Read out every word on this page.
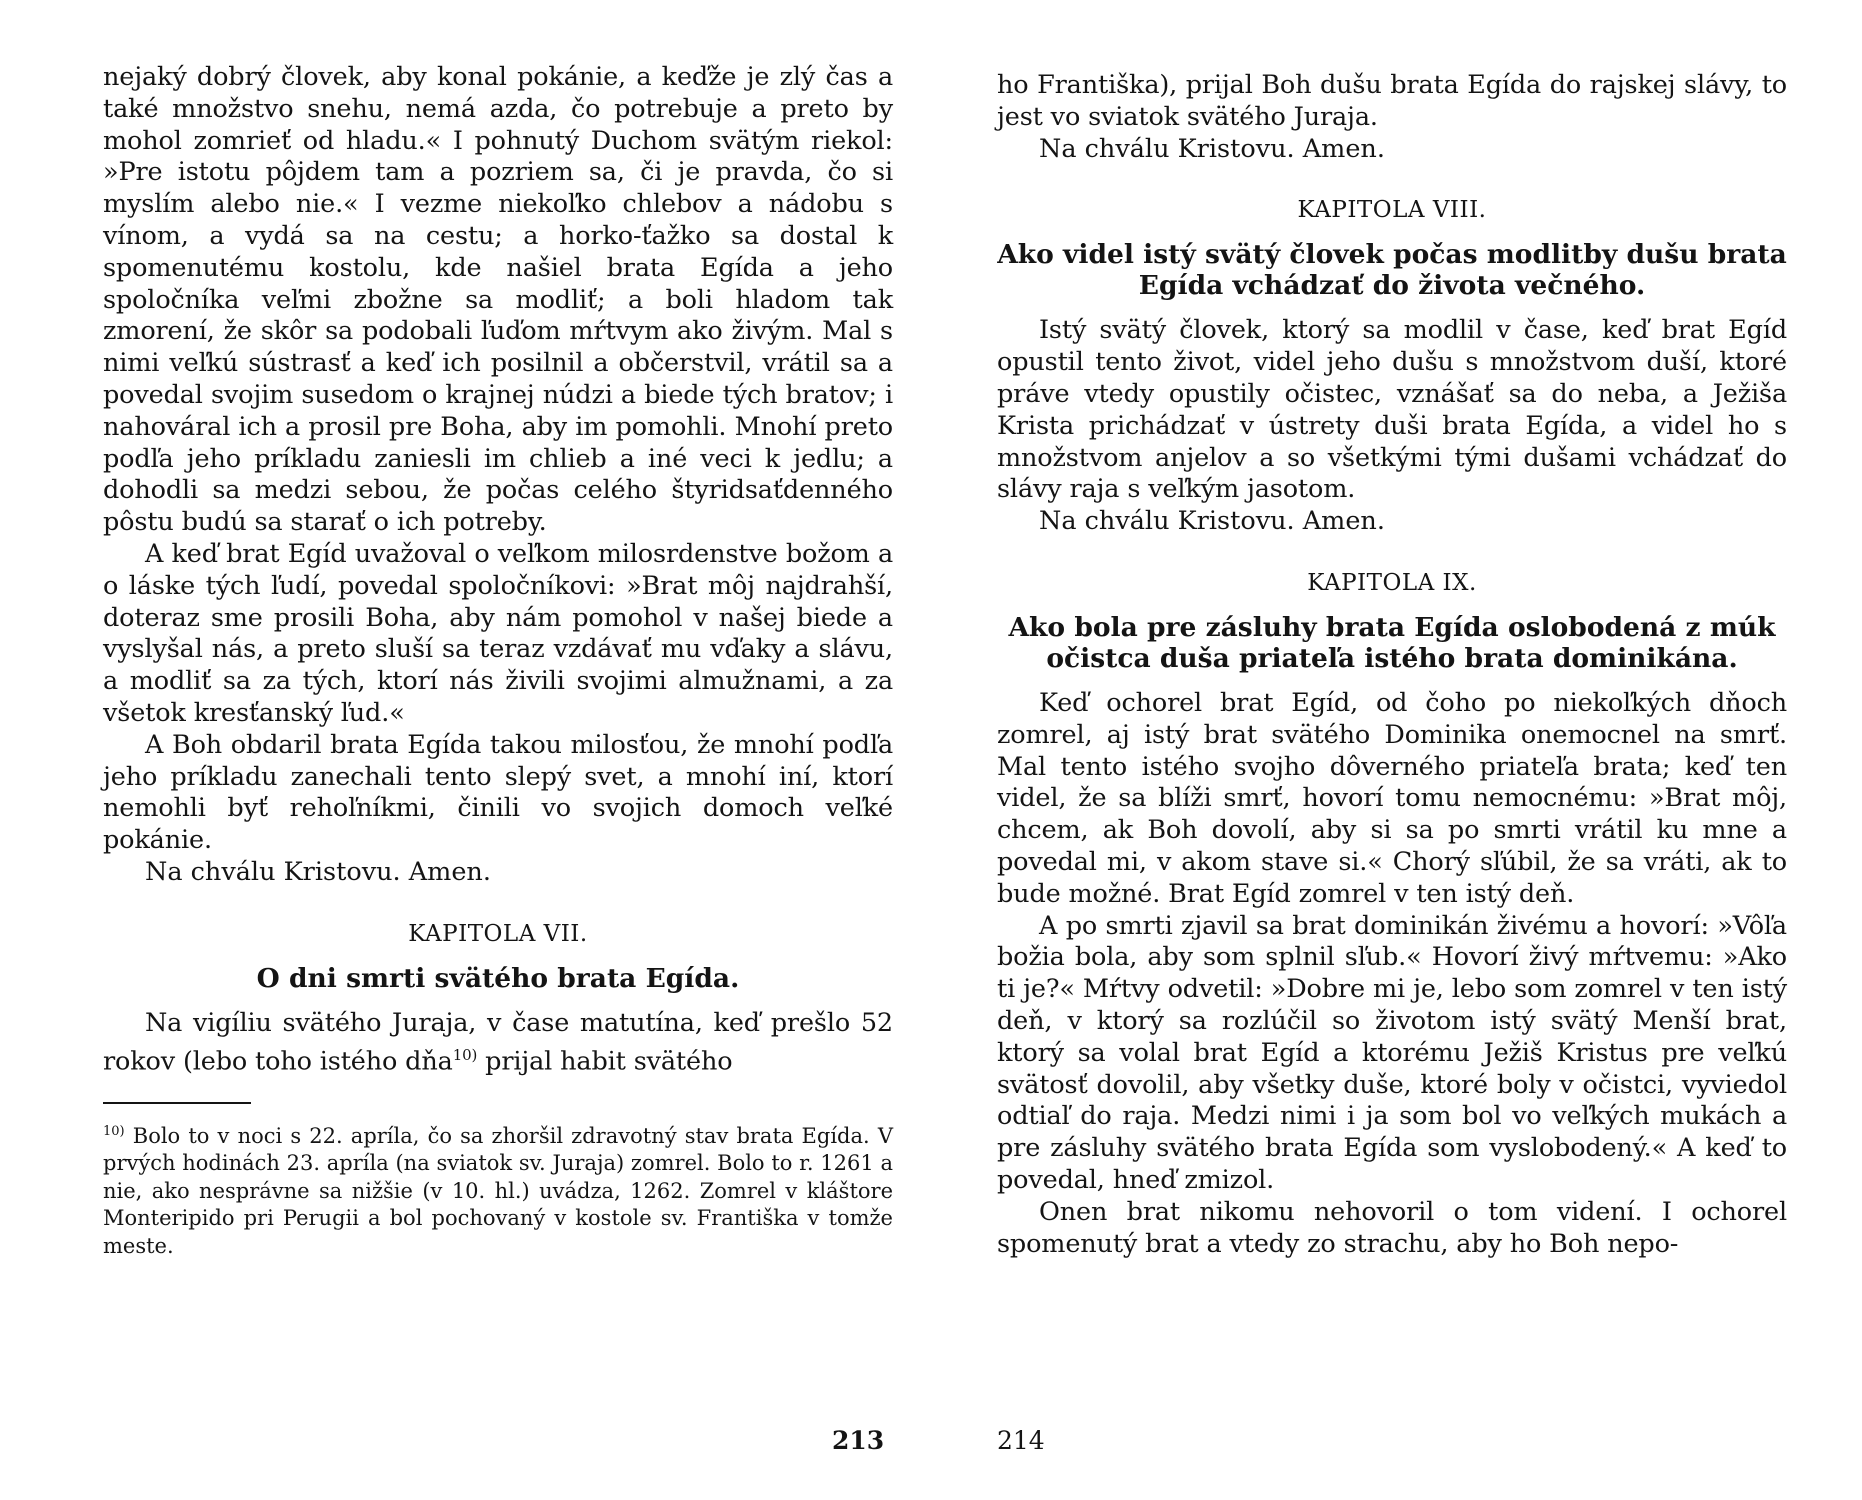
nejaký dobrý človek, aby konal pokánie, a keďže je zlý čas a také množstvo snehu, nemá azda, čo potrebuje a preto by mohol zomrieť od hladu.« I pohnutý Duchom svätým riekol: »Pre istotu pôjdem tam a pozriem sa, či je pravda, čo si myslím alebo nie.« I vezme niekoľko chlebov a nádobu s vínom, a vydá sa na cestu; a horko-ťažko sa dostal k spomenutému kostolu, kde našiel brata Egída a jeho spoločníka veľmi zbožne sa modliť; a boli hladom tak zmorení, že skôr sa podobali ľuďom mŕtvym ako živým. Mal s nimi veľkú sústrasť a keď ich posilnil a občerstvil, vrátil sa a povedal svojim susedom o krajnej núdzi a biede tých bratov; i nahováral ich a prosil pre Boha, aby im pomohli. Mnohí preto podľa jeho príkladu zaniesli im chlieb a iné veci k jedlu; a dohodli sa medzi sebou, že počas celého štyridsaťdenného pôstu budú sa starať o ich potreby.

A keď brat Egíd uvažoval o veľkom milosrdenstve božom a o láske tých ľudí, povedal spoločníkovi: »Brat môj najdrahší, doteraz sme prosili Boha, aby nám pomohol v našej biede a vyslyšal nás, a preto sluší sa teraz vzdávať mu vďaky a slávu, a modliť sa za tých, ktorí nás živili svojimi almužnami, a za všetok kresťanský ľud.«

A Boh obdaril brata Egída takou milosťou, že mnohí podľa jeho príkladu zanechali tento slepý svet, a mnohí iní, ktorí nemohli byť rehoľníkmi, činili vo svojich domoch veľké pokánie.

Na chválu Kristovu. Amen.

KAPITOLA VII.
O dni smrti svätého brata Egída.

Na vigíliu svätého Juraja, v čase matutína, keď prešlo 52 rokov (lebo toho istého dňa$^{10)}$ prijal habit svätého

$^{10)}$ Bolo to v noci s 22. apríla, čo sa zhoršil zdravotný stav brata Egída. V prvých hodinách 23. apríla (na sviatok sv. Juraja) zomrel. Bolo to r. 1261 a nie, ako nesprávne sa nižšie (v 10. hl.) uvádza, 1262. Zomrel v kláštore Monteripido pri Perugii a bol pochovaný v kostole sv. Františka v tomže meste.

213

ho Františka), prijal Boh dušu brata Egída do rajskej slávy, to jest vo sviatok svätého Juraja.

Na chválu Kristovu. Amen.

KAPITOLA VIII.
Ako videl istý svätý človek počas modlitby dušu brata Egída vchádzať do života večného.

Istý svätý človek, ktorý sa modlil v čase, keď brat Egíd opustil tento život, videl jeho dušu s množstvom duší, ktoré práve vtedy opustily očistec, vznášať sa do neba, a Ježiša Krista prichádzať v ústrety duši brata Egída, a videl ho s množstvom anjelov a so všetkými tými dušami vchádzať do slávy raja s veľkým jasotom.

Na chválu Kristovu. Amen.

KAPITOLA IX.
Ako bola pre zásluhy brata Egída oslobodená z múk očistca duša priateľa istého brata dominikána.

Keď ochorel brat Egíd, od čoho po niekoľkých dňoch zomrel, aj istý brat svätého Dominika onemocnel na smrť. Mal tento istého svojho dôverného priateľa brata; keď ten videl, že sa blíži smrť, hovorí tomu nemocnému: »Brat môj, chcem, ak Boh dovolí, aby si sa po smrti vrátil ku mne a povedal mi, v akom stave si.« Chorý sľúbil, že sa vráti, ak to bude možné. Brat Egíd zomrel v ten istý deň.

A po smrti zjavil sa brat dominikán živému a hovorí: »Vôľa božia bola, aby som splnil sľub.« Hovorí živý mŕtvemu: »Ako ti je?« Mŕtvy odvetil: »Dobre mi je, lebo som zomrel v ten istý deň, v ktorý sa rozlúčil so životom istý svätý Menší brat, ktorý sa volal brat Egíd a ktorému Ježiš Kristus pre veľkú svätosť dovolil, aby všetky duše, ktoré boly v očistci, vyviedol odtiaľ do raja. Medzi nimi i ja som bol vo veľkých mukách a pre zásluhy svätého brata Egída som vyslobodený.« A keď to povedal, hneď zmizol.

Onen brat nikomu nehovoril o tom videní. I ochorel spomenutý brat a vtedy zo strachu, aby ho Boh nepo-

214
